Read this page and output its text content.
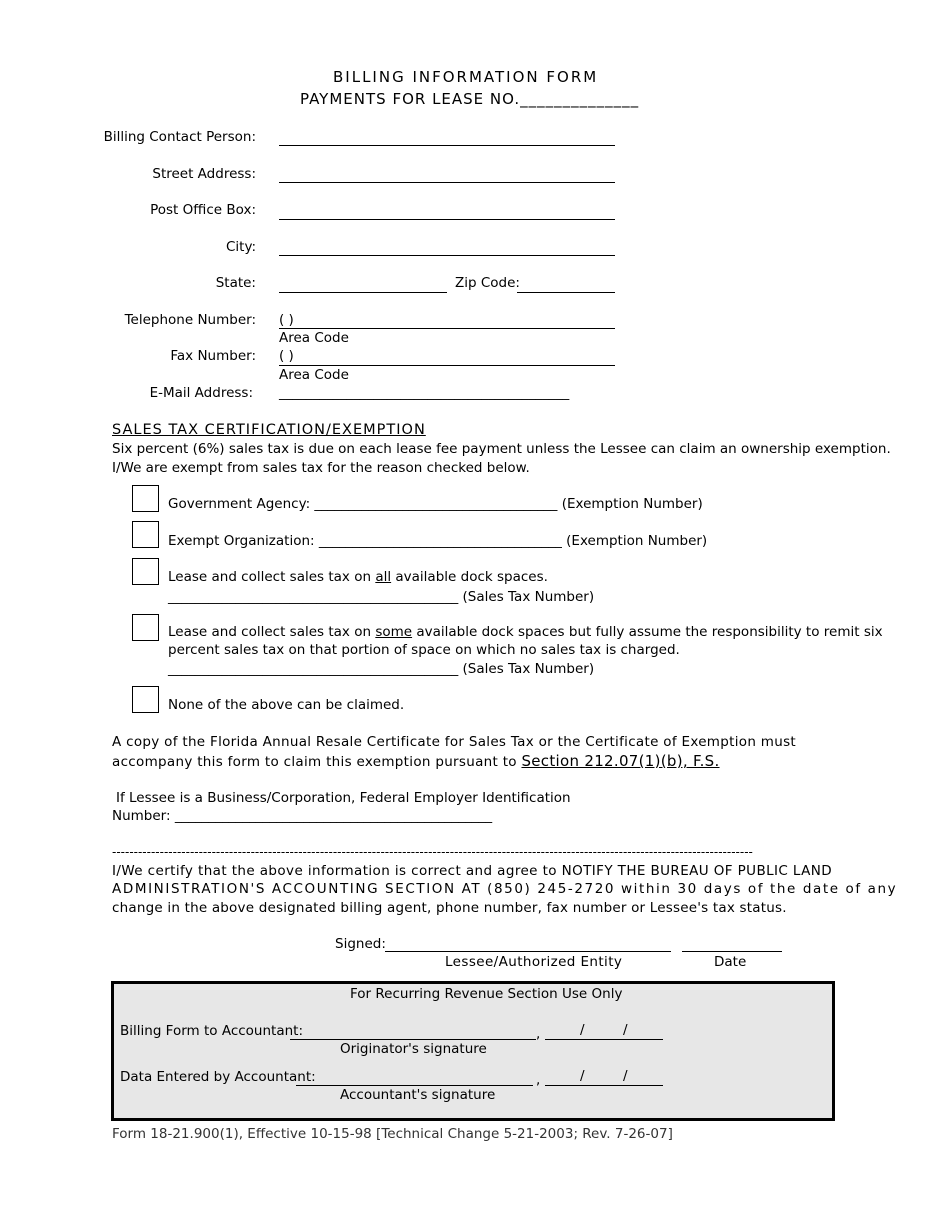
BILLING INFORMATION FORM
PAYMENTS FOR LEASE NO.______________
Billing Contact Person:
Street Address:
Post Office Box:
City:
State:	Zip Code:
Telephone Number: ( )
Area Code
Fax Number: ( )
Area Code
E-Mail Address: ___________________________________________
SALES TAX CERTIFICATION/EXEMPTION
Six percent (6%) sales tax is due on each lease fee payment unless the Lessee can claim an ownership exemption.
I/We are exempt from sales tax for the reason checked below.
Government Agency: ____________________________________ (Exemption Number)
Exempt Organization: ____________________________________ (Exemption Number)
Lease and collect sales tax on all available dock spaces.
___________________________________________ (Sales Tax Number)
Lease and collect sales tax on some available dock spaces but fully assume the responsibility to remit six
percent sales tax on that portion of space on which no sales tax is charged.
___________________________________________ (Sales Tax Number)
None of the above can be claimed.
A copy of the Florida Annual Resale Certificate for Sales Tax or the Certificate of Exemption must
accompany this form to claim this exemption pursuant to Section 212.07(1)(b), F.S.
If Lessee is a Business/Corporation, Federal Employer Identification
Number: _______________________________________________
----------------------------------------------------------------------------------------------------------------------------------------------------
I/We certify that the above information is correct and agree to NOTIFY THE BUREAU OF PUBLIC LAND
ADMINISTRATION'S ACCOUNTING SECTION AT (850) 245-2720 within 30 days of the date of any
change in the above designated billing agent, phone number, fax number or Lessee's tax status.
Signed:
Lessee/Authorized Entity	Date
For Recurring Revenue Section Use Only
Billing Form to Accountant:	,	/	/
Originator's signature
Data Entered by Accountant:	,	/	/
Accountant's signature
Form 18-21.900(1), Effective 10-15-98 [Technical Change 5-21-2003; Rev. 7-26-07]
